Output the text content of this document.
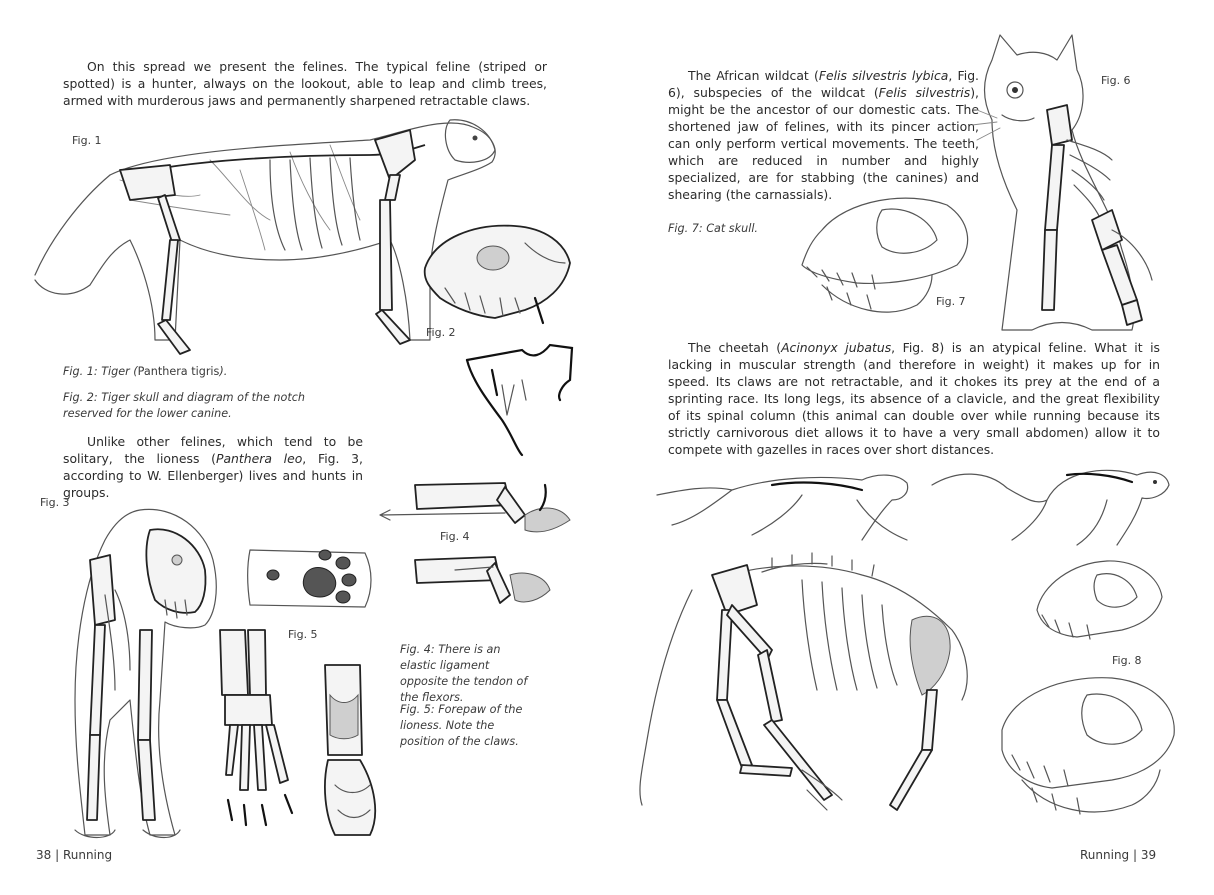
On this spread we present the felines. The typical feline (striped or spotted) is a hunter, always on the lookout, able to leap and climb trees, armed with murderous jaws and permanently sharpened retractable claws.

Fig. 1
Fig. 2

Fig. 1: Tiger (Panthera tigris).

Fig. 2: Tiger skull and diagram of the notch reserved for the lower canine.

Unlike other felines, which tend to be solitary, the lioness (Panthera leo, Fig. 3, according to W. Ellenberger) lives and hunts in groups.

Fig. 3
Fig. 4
Fig. 5

Fig. 4: There is an elastic ligament opposite the tendon of the flexors.

Fig. 5: Forepaw of the lioness. Note the position of the claws.

38 | Running

The African wildcat (Felis silvestris lybica, Fig. 6), subspecies of the wildcat (Felis silvestris), might be the ancestor of our domestic cats. The shortened jaw of felines, with its pincer action, can only perform vertical movements. The teeth, which are reduced in number and highly specialized, are for stabbing (the canines) and shearing (the carnassials).

Fig. 7: Cat skull.

Fig. 6
Fig. 7

The cheetah (Acinonyx jubatus, Fig. 8) is an atypical feline. What it is lacking in muscular strength (and therefore in weight) it makes up for in speed. Its claws are not retractable, and it chokes its prey at the end of a sprinting race. Its long legs, its absence of a clavicle, and the great flexibility of its spinal column (this animal can double over while running because its strictly carnivorous diet allows it to have a very small abdomen) allow it to compete with gazelles in races over short distances.

Fig. 8
Running | 39
